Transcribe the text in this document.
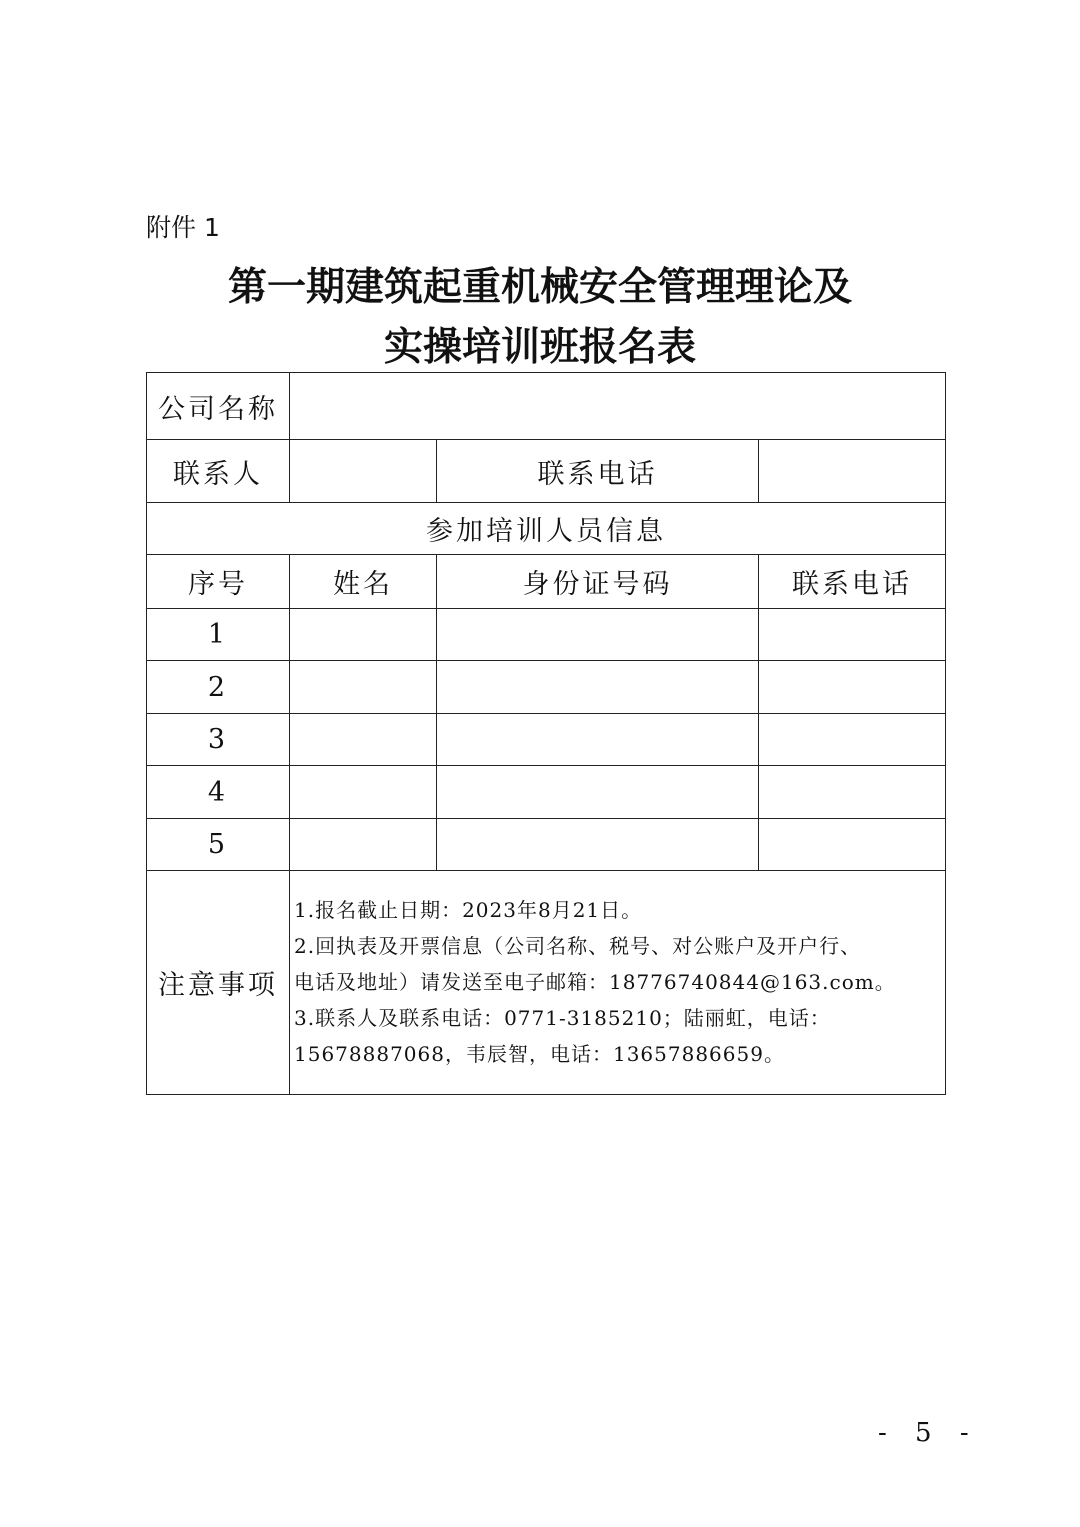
附件 1
第一期建筑起重机械安全管理理论及
实操培训班报名表
公司名称			
联系人		联系电话	
参加培训人员信息			
序号	姓名	身份证号码	联系电话
1			
2			
3			
4			
5			
注意事项	1.报名截止日期：2023年8月21日。
2.回执表及开票信息（公司名称、税号、对公账户及开户行、
电话及地址）请发送至电子邮箱：18776740844@163.com。
3.联系人及联系电话：0771-3185210；陆丽虹，电话：
15678887068，韦辰智，电话：13657886659。		
- 5 -
